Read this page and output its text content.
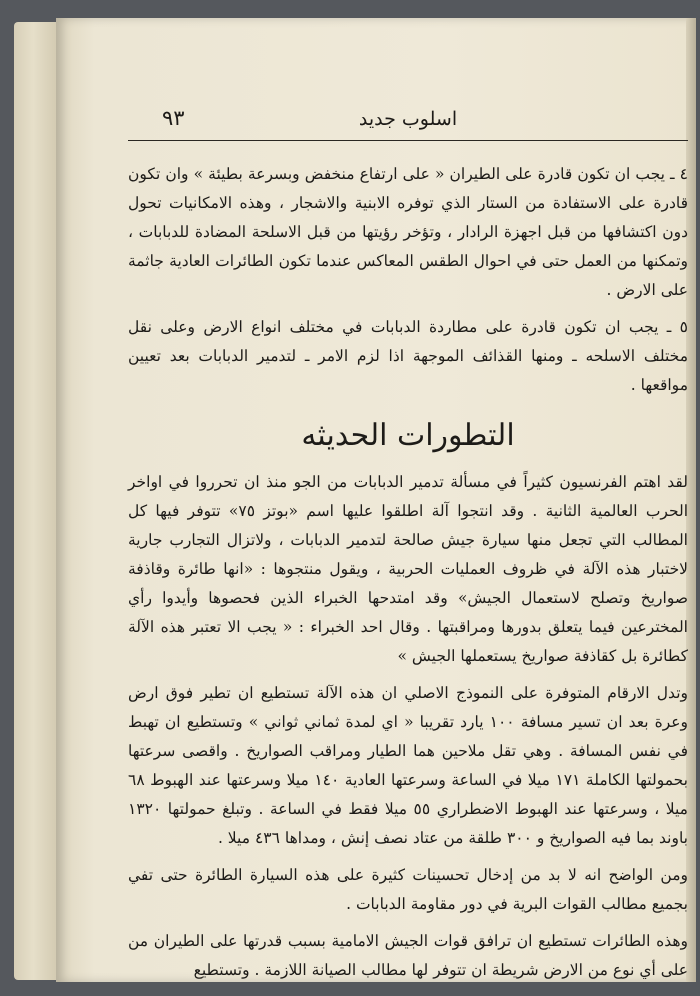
اسلوب جديد
٩٣

٤ ـ يجب ان تكون قادرة على الطيران « على ارتفاع منخفض وبسرعة بطيئة » وان تكون قادرة على الاستفادة من الستار الذي توفره الابنية والاشجار ، وهذه الامكانيات تحول دون اكتشافها من قبل اجهزة الرادار ، وتؤخر رؤيتها من قبل الاسلحة المضادة للدبابات ، وتمكنها من العمل حتى في احوال الطقس المعاكس عندما تكون الطائرات العادية جاثمة على الارض .

٥ ـ يجب ان تكون قادرة على مطاردة الدبابات في مختلف انواع الارض وعلى نقل مختلف الاسلحه ـ ومنها القذائف الموجهة اذا لزم الامر ـ لتدمير الدبابات بعد تعيين مواقعها .

التطورات الحديثه

لقد اهتم الفرنسيون كثيراً في مسألة تدمير الدبابات من الجو منذ ان تحرروا في اواخر الحرب العالمية الثانية . وقد انتجوا آلة اطلقوا عليها اسم «بوتز ٧٥» تتوفر فيها كل المطالب التي تجعل منها سيارة جيش صالحة لتدمير الدبابات ، ولاتزال التجارب جارية لاختبار هذه الآلة في ظروف العمليات الحربية ، ويقول منتجوها : «انها طائرة وقاذفة صواريخ وتصلح لاستعمال الجيش» وقد امتدحها الخبراء الذين فحصوها وأيدوا رأي المخترعين فيما يتعلق بدورها ومراقبتها . وقال احد الخبراء : « يجب الا تعتبر هذه الآلة كطائرة بل كقاذفة صواريخ يستعملها الجيش »

وتدل الارقام المتوفرة على النموذج الاصلي ان هذه الآلة تستطيع ان تطير فوق ارض وعرة بعد ان تسير مسافة ١٠٠ يارد تقريبا « اي لمدة ثماني ثواني » وتستطيع ان تهبط في نفس المسافة . وهي تقل ملاحين هما الطيار ومراقب الصواريخ . واقصى سرعتها بحمولتها الكاملة ١٧١ ميلا في الساعة وسرعتها العادية ١٤٠ ميلا وسرعتها عند الهبوط ٦٨ ميلا ، وسرعتها عند الهبوط الاضطراري ٥٥ ميلا فقط في الساعة . وتبلغ حمولتها ١٣٢٠ باوند بما فيه الصواريخ و ٣٠٠ طلقة من عتاد نصف إنش ، ومداها ٤٣٦ ميلا .

ومن الواضح انه لا بد من إدخال تحسينات كثيرة على هذه السيارة الطائرة حتى تفي بجميع مطالب القوات البرية في دور مقاومة الدبابات .

وهذه الطائرات تستطيع ان ترافق قوات الجيش الامامية بسبب قدرتها على الطيران من على أي نوع من الارض شريطة ان تتوفر لها مطالب الصيانة اللازمة . وتستطيع
